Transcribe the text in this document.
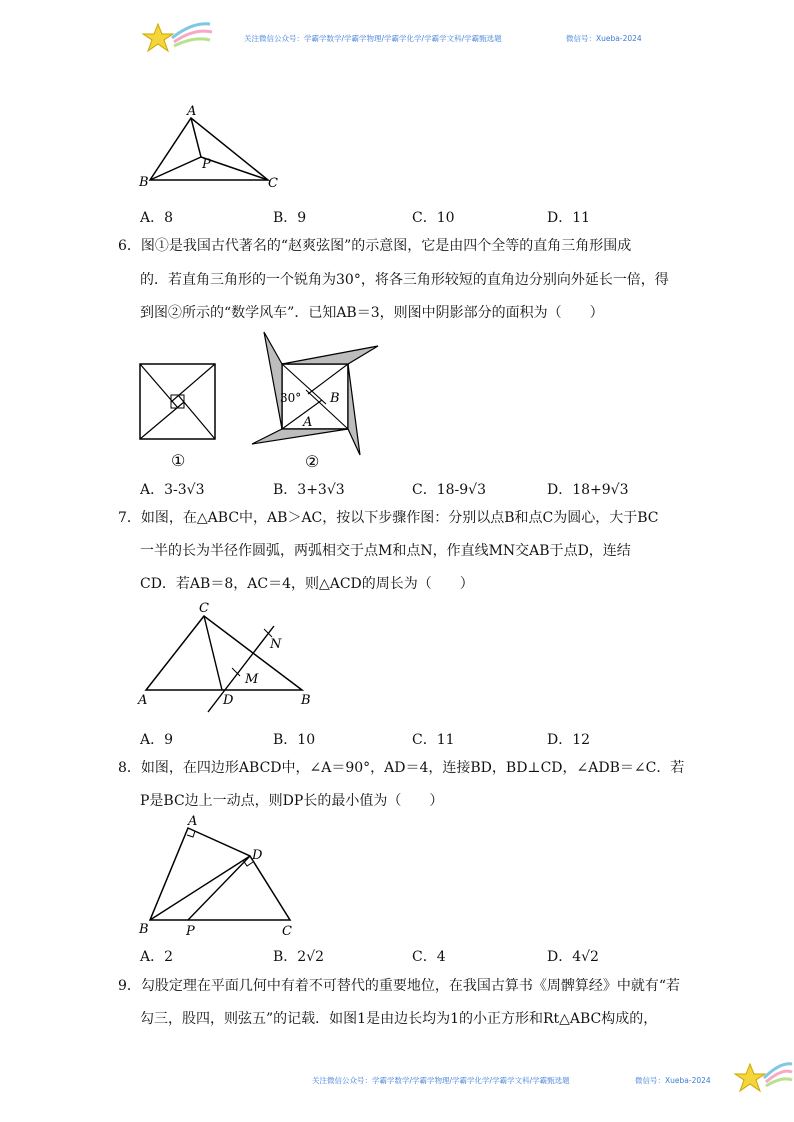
关注微信公众号：学霸学数学/学霸学物理/学霸学化学/学霸学文科/学霸甄选题	微信号：Xueba-2024
A
B	C
P
A．8	B．9	C．10	D．11
6．图①是我国古代著名的“赵爽弦图”的示意图，它是由四个全等的直角三角形围成
的．若直角三角形的一个锐角为30°，将各三角形较短的直角边分别向外延长一倍，得
到图②所示的“数学风车”．已知AB＝3，则图中阴影部分的面积为（　　）
①
30° B
A
②
A．3-3√3	B．3+3√3	C．18-9√3	D．18+9√3
7．如图，在△ABC中，AB＞AC，按以下步骤作图：分别以点B和点C为圆心，大于BC
一半的长为半径作圆弧，两弧相交于点M和点N，作直线MN交AB于点D，连结
CD．若AB＝8，AC＝4，则△ACD的周长为（　　）
C
N
M
A	D	B
A．9	B．10	C．11	D．12
8．如图，在四边形ABCD中，∠A＝90°，AD＝4，连接BD，BD⊥CD，∠ADB＝∠C．若
P是BC边上一动点，则DP长的最小值为（　　）
A
D
B	P	C
A．2	B．2√2	C．4	D．4√2
9．勾股定理在平面几何中有着不可替代的重要地位，在我国古算书《周髀算经》中就有“若
勾三，股四，则弦五”的记载．如图1是由边长均为1的小正方形和Rt△ABC构成的，
关注微信公众号：学霸学数学/学霸学物理/学霸学化学/学霸学文科/学霸甄选题	微信号：Xueba-2024
